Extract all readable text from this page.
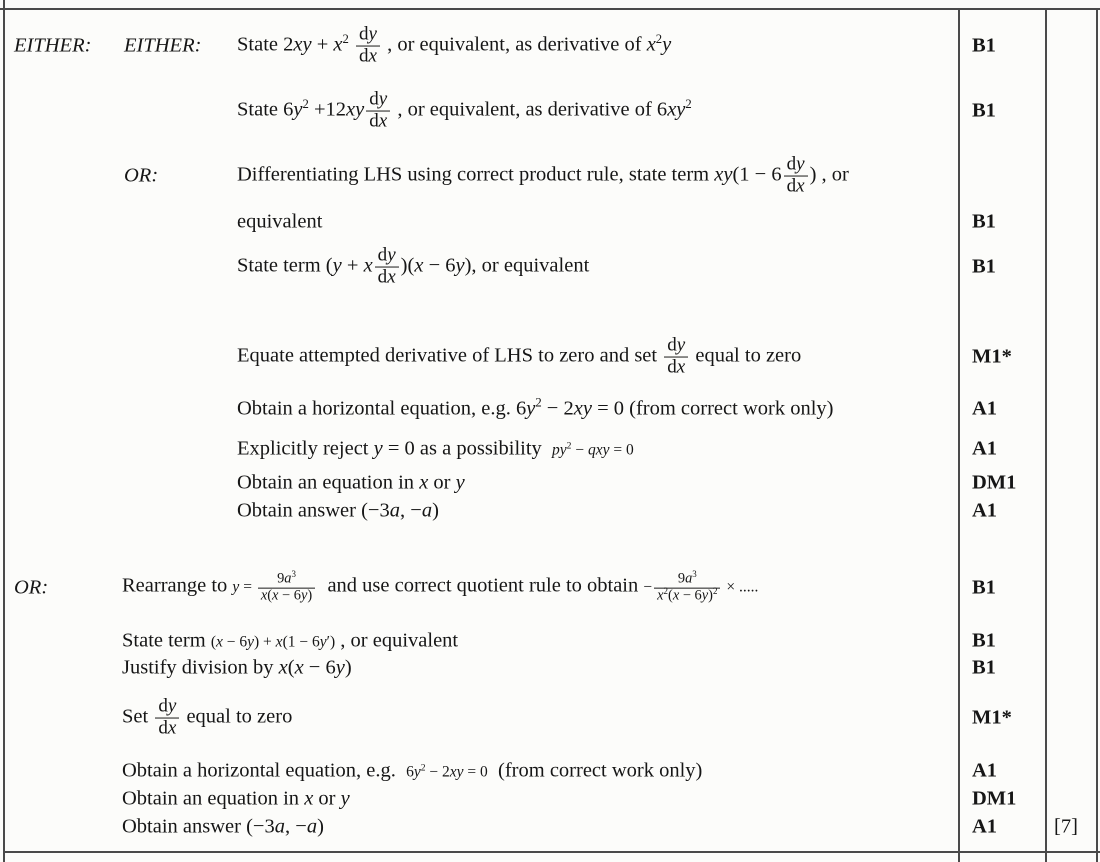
EITHER: EITHER: State $2xy + x^2 \frac{dy}{dx}$ , or equivalent, as derivative of $x^2y$	B1
State $6y^2 +12xy \frac{dy}{dx}$ , or equivalent, as derivative of $6xy^2$	B1
OR:	Differentiating LHS using correct product rule, state term $xy(1 - 6 \frac{dy}{dx}$ ) , or
equivalent	B1
State term (y + x $\frac{dy}{dx} )(x - 6y)$, or equivalent	B1
Equate attempted derivative of LHS to zero and set $\frac{dy}{dx}$ equal to zero	M1*
Obtain a horizontal equation, e.g. $6y^2 - 2xy = 0$ (from correct work only)	A1
Explicitly reject y = 0 as a possibility  $py^2$ − qxy = 0	A1
Obtain an equation in x or y	DM1
Obtain answer (−3a, −a)	A1
OR:	Rearrange to $y = \frac{9a^3}{x(x - 6y)}$ and use correct quotient rule to obtain − $\frac{9a^3}{x^2(x - 6y)^2}$ × .....	B1
State term (x − 6y) + x(1 − 6y′) , or equivalent	B1
Justify division by x(x − 6y)	B1
Set $\frac{dy}{dx}$ equal to zero	M1*
Obtain a horizontal equation, e.g.  $6y^2 - 2xy = 0$  (from correct work only)	A1
Obtain an equation in x or y	DM1
Obtain answer (−3a, −a)	A1	[7]
